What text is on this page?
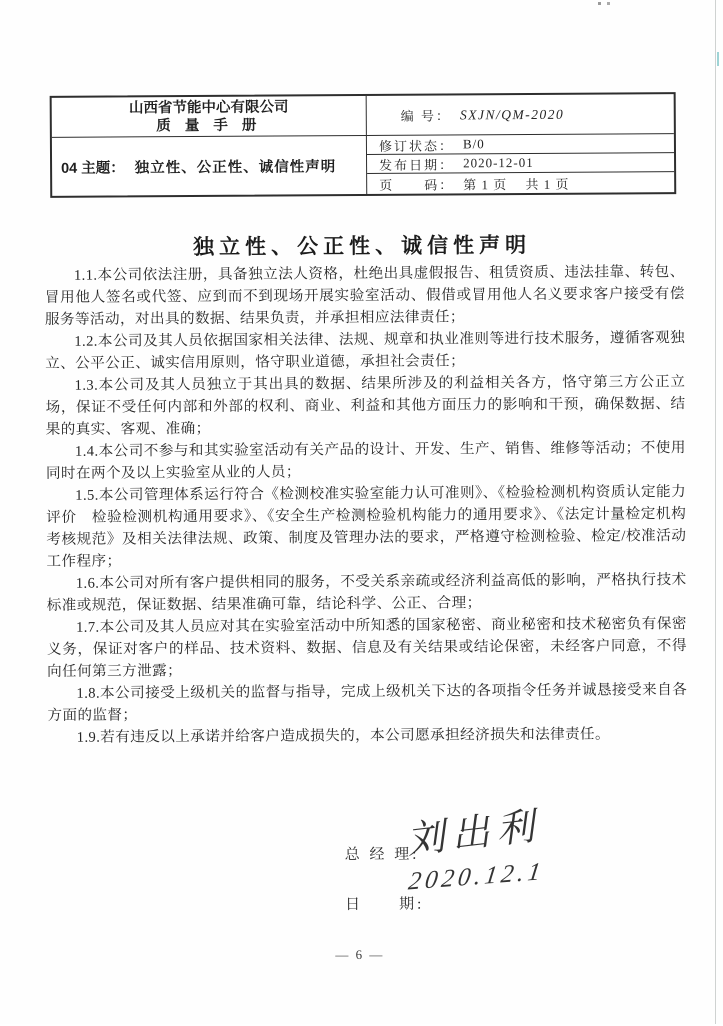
山西省节能中心有限公司
质 量 手 册
04 主题： 独立性、公正性、诚信性声明
编 号： SXJN/QM-2020
修订状态： B/0
发布日期： 2020-12-01
页　　码： 第 1 页　 共 1 页
独立性、公正性、诚信性声明

1.1.本公司依法注册，具备独立法人资格，杜绝出具虚假报告、租赁资质、违法挂靠、转包、冒用他人签名或代签、应到而不到现场开展实验室活动、假借或冒用他人名义要求客户接受有偿服务等活动，对出具的数据、结果负责，并承担相应法律责任；

1.2.本公司及其人员依据国家相关法律、法规、规章和执业准则等进行技术服务，遵循客观独立、公平公正、诚实信用原则，恪守职业道德，承担社会责任；

1.3.本公司及其人员独立于其出具的数据、结果所涉及的利益相关各方，恪守第三方公正立场，保证不受任何内部和外部的权利、商业、利益和其他方面压力的影响和干预，确保数据、结果的真实、客观、准确；

1.4.本公司不参与和其实验室活动有关产品的设计、开发、生产、销售、维修等活动；不使用同时在两个及以上实验室从业的人员；

1.5.本公司管理体系运行符合《检测校准实验室能力认可准则》、《检验检测机构资质认定能力评价　检验检测机构通用要求》、《安全生产检测检验机构能力的通用要求》、《法定计量检定机构考核规范》及相关法律法规、政策、制度及管理办法的要求，严格遵守检测检验、检定/校准活动工作程序；

1.6.本公司对所有客户提供相同的服务，不受关系亲疏或经济利益高低的影响，严格执行技术标准或规范，保证数据、结果准确可靠，结论科学、公正、合理；

1.7.本公司及其人员应对其在实验室活动中所知悉的国家秘密、商业秘密和技术秘密负有保密义务，保证对客户的样品、技术资料、数据、信息及有关结果或结论保密，未经客户同意，不得向任何第三方泄露；

1.8.本公司接受上级机关的监督与指导，完成上级机关下达的各项指令任务并诚恳接受来自各方面的监督；

1.9.若有违反以上承诺并给客户造成损失的，本公司愿承担经济损失和法律责任。

总 经 理:

刘出利

日　　期:

2020.12.1

— 6 —
